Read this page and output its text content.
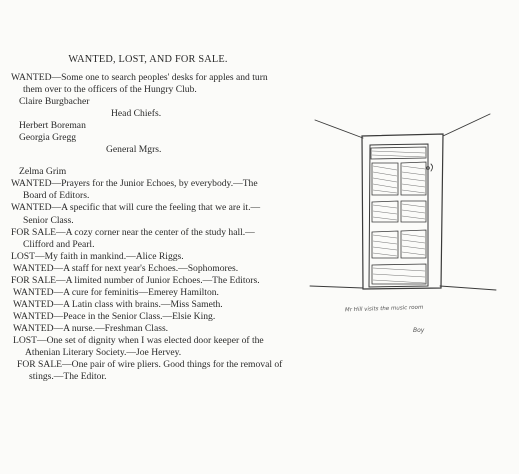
WANTED, LOST, AND FOR SALE.

WANTED—Some one to search peoples' desks for apples and turn them over to the officers of the Hungry Club.

Claire Burgbacher

Head Chiefs.

Herbert Boreman

Georgia Gregg

General Mgrs.

Zelma Grim

WANTED—Prayers for the Junior Echoes, by everybody.—The Board of Editors.

WANTED—A specific that will cure the feeling that we are it.—Senior Class.

FOR SALE—A cozy corner near the center of the study hall.—Clifford and Pearl.

LOST—My faith in mankind.—Alice Riggs.

WANTED—A staff for next year's Echoes.—Sophomores.

FOR SALE—A limited number of Junior Echoes.—The Editors.

WANTED—A cure for feminitis—Emerey Hamilton.

WANTED—A Latin class with brains.—Miss Sameth.

WANTED—Peace in the Senior Class.—Elsie King.

WANTED—A nurse.—Freshman Class.

LOST—One set of dignity when I was elected door keeper of the Athenian Literary Society.—Joe Hervey.

FOR SALE—One pair of wire pliers. Good things for the removal of stings.—The Editor.

Mr Hill visits the music room
Boy
